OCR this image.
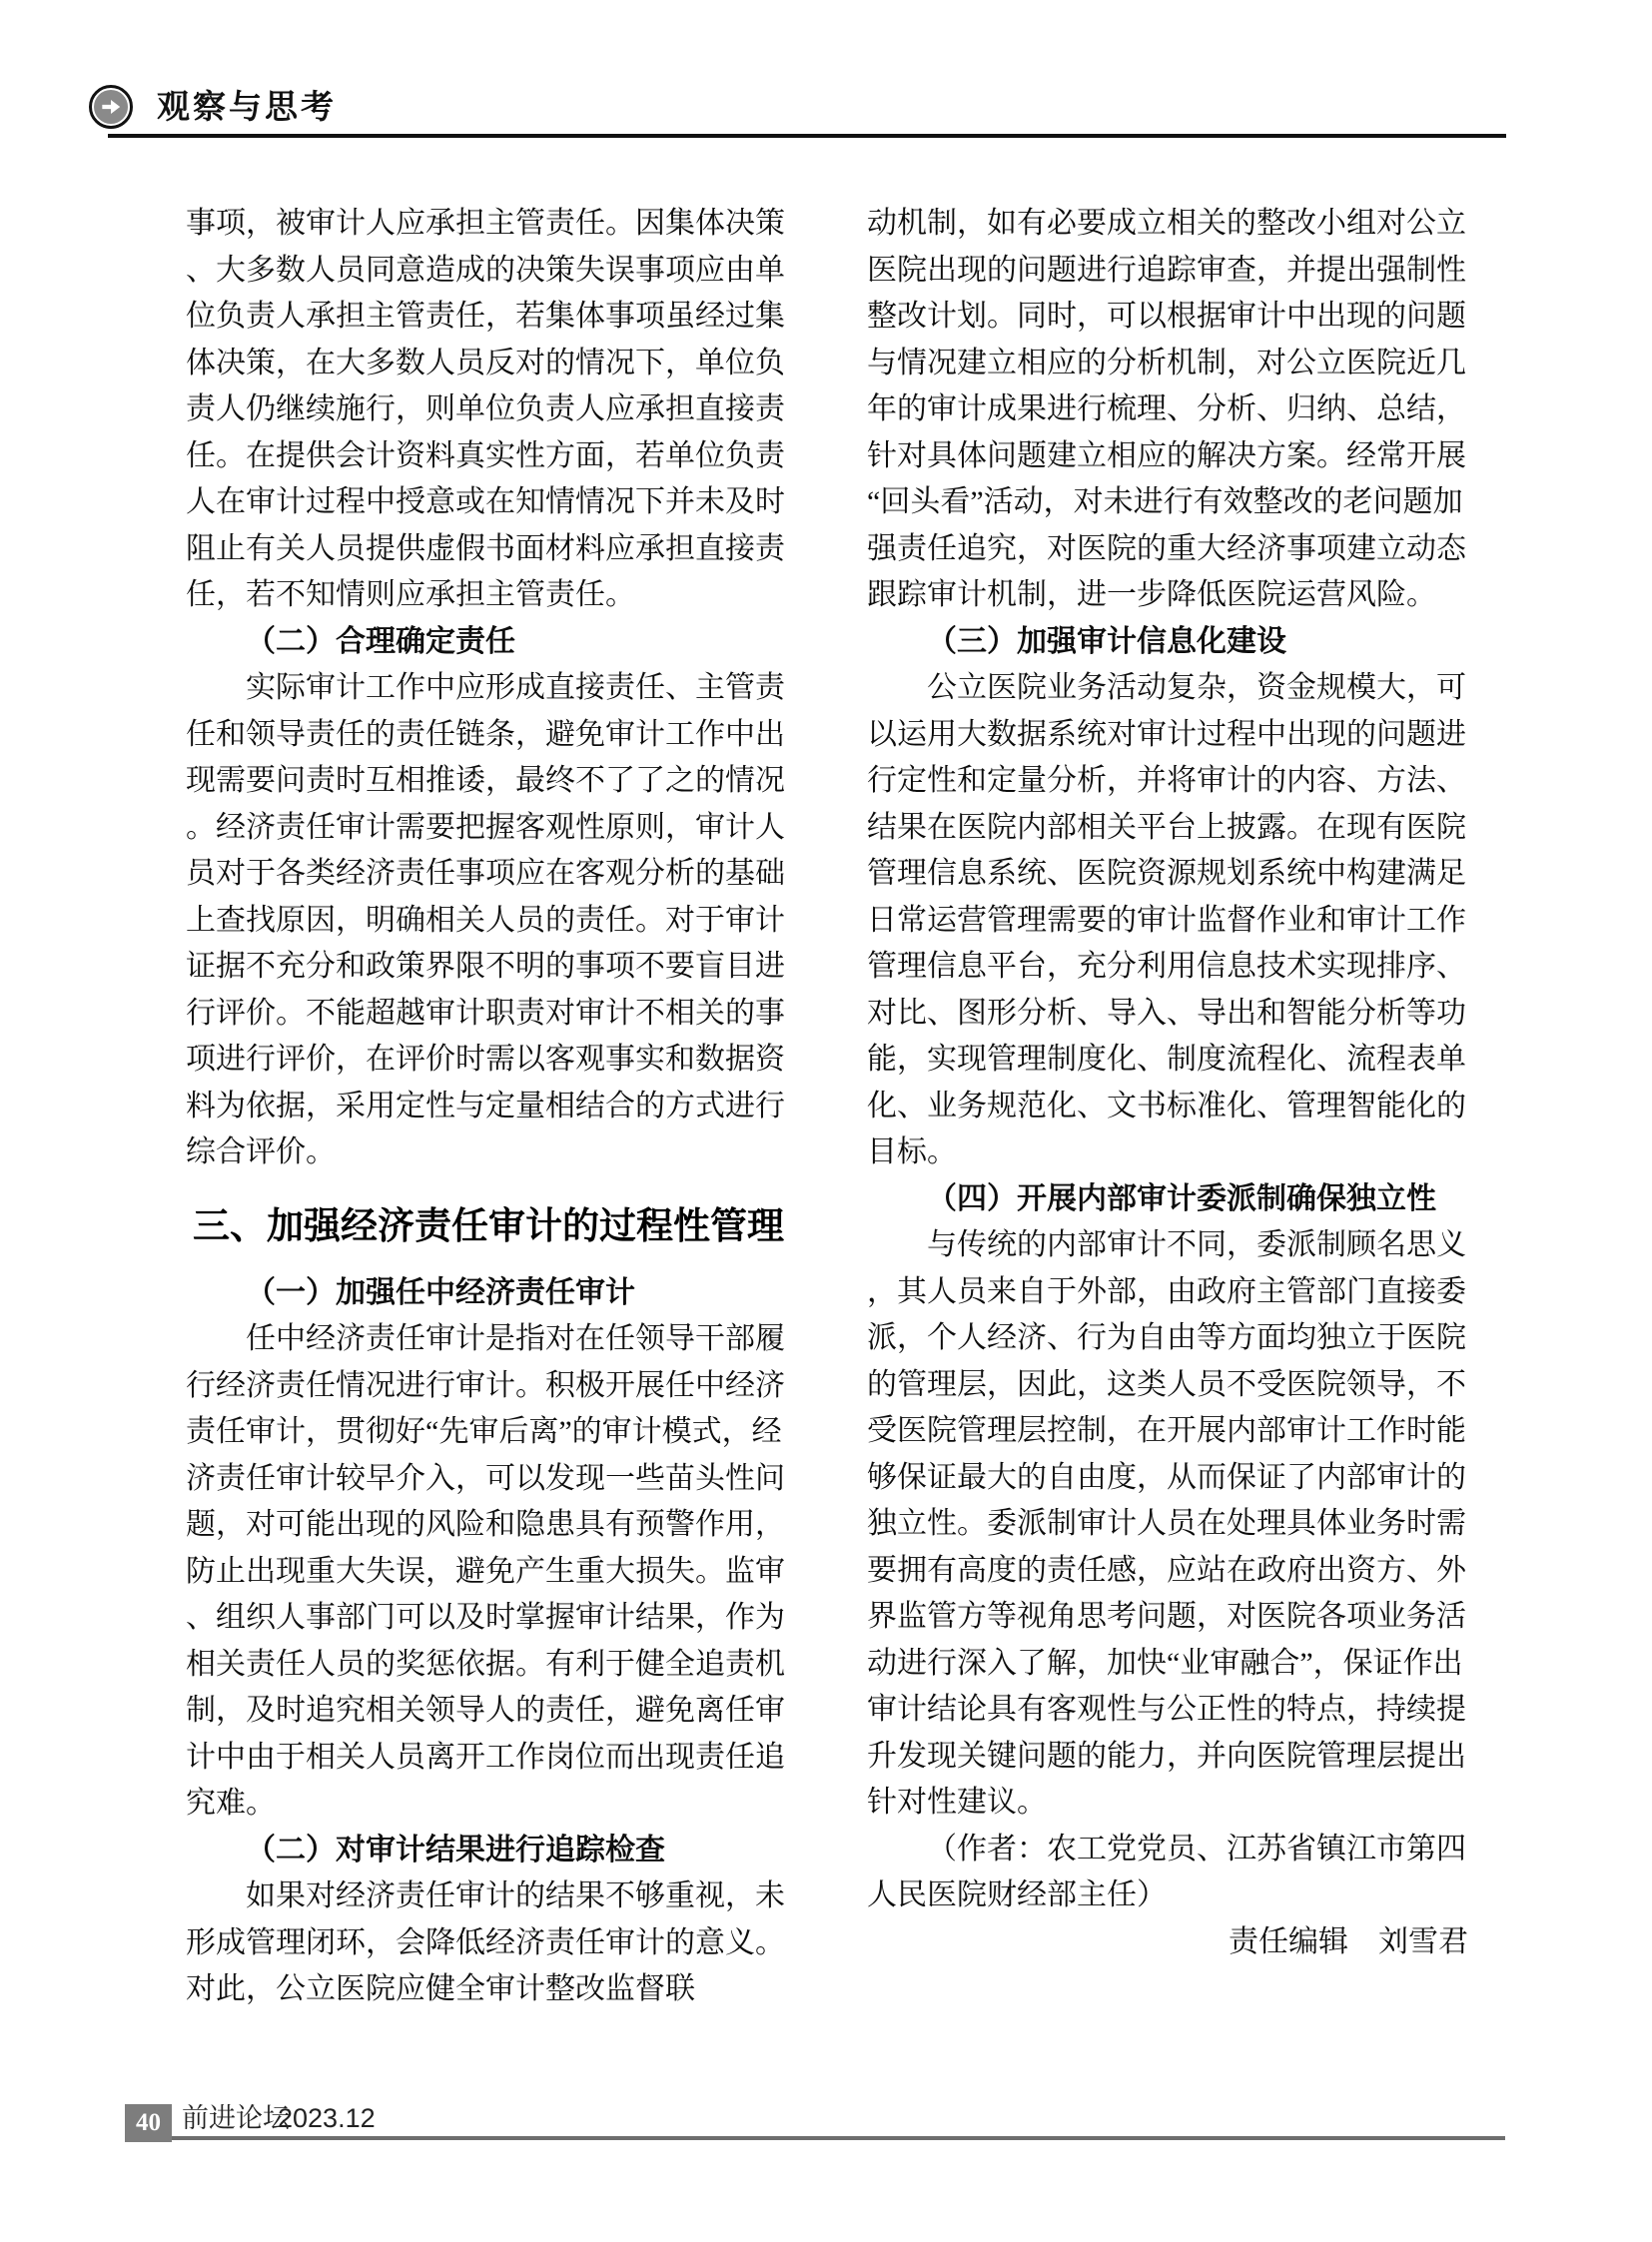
观察与思考
事项，被审计人应承担主管责任。因集体决策、大多数人员同意造成的决策失误事项应由单位负责人承担主管责任，若集体事项虽经过集体决策，在大多数人员反对的情况下，单位负责人仍继续施行，则单位负责人应承担直接责任。在提供会计资料真实性方面，若单位负责人在审计过程中授意或在知情情况下并未及时阻止有关人员提供虚假书面材料应承担直接责任，若不知情则应承担主管责任。
（二）合理确定责任
实际审计工作中应形成直接责任、主管责任和领导责任的责任链条，避免审计工作中出现需要问责时互相推诿，最终不了了之的情况。经济责任审计需要把握客观性原则，审计人员对于各类经济责任事项应在客观分析的基础上查找原因，明确相关人员的责任。对于审计证据不充分和政策界限不明的事项不要盲目进行评价。不能超越审计职责对审计不相关的事项进行评价，在评价时需以客观事实和数据资料为依据，采用定性与定量相结合的方式进行综合评价。
三、加强经济责任审计的过程性管理
（一）加强任中经济责任审计
任中经济责任审计是指对在任领导干部履行经济责任情况进行审计。积极开展任中经济责任审计，贯彻好“先审后离”的审计模式，经济责任审计较早介入，可以发现一些苗头性问题，对可能出现的风险和隐患具有预警作用，防止出现重大失误，避免产生重大损失。监审、组织人事部门可以及时掌握审计结果，作为相关责任人员的奖惩依据。有利于健全追责机制，及时追究相关领导人的责任，避免离任审计中由于相关人员离开工作岗位而出现责任追究难。
（二）对审计结果进行追踪检查
如果对经济责任审计的结果不够重视，未形成管理闭环，会降低经济责任审计的意义。对此，公立医院应健全审计整改监督联
动机制，如有必要成立相关的整改小组对公立医院出现的问题进行追踪审查，并提出强制性整改计划。同时，可以根据审计中出现的问题与情况建立相应的分析机制，对公立医院近几年的审计成果进行梳理、分析、归纳、总结，针对具体问题建立相应的解决方案。经常开展“回头看”活动，对未进行有效整改的老问题加强责任追究，对医院的重大经济事项建立动态跟踪审计机制，进一步降低医院运营风险。
（三）加强审计信息化建设
公立医院业务活动复杂，资金规模大，可以运用大数据系统对审计过程中出现的问题进行定性和定量分析，并将审计的内容、方法、结果在医院内部相关平台上披露。在现有医院管理信息系统、医院资源规划系统中构建满足日常运营管理需要的审计监督作业和审计工作管理信息平台，充分利用信息技术实现排序、对比、图形分析、导入、导出和智能分析等功能，实现管理制度化、制度流程化、流程表单化、业务规范化、文书标准化、管理智能化的目标。
（四）开展内部审计委派制确保独立性
与传统的内部审计不同，委派制顾名思义，其人员来自于外部，由政府主管部门直接委派，个人经济、行为自由等方面均独立于医院的管理层，因此，这类人员不受医院领导，不受医院管理层控制，在开展内部审计工作时能够保证最大的自由度，从而保证了内部审计的独立性。委派制审计人员在处理具体业务时需要拥有高度的责任感，应站在政府出资方、外界监管方等视角思考问题，对医院各项业务活动进行深入了解，加快“业审融合”，保证作出审计结论具有客观性与公正性的特点，持续提升发现关键问题的能力，并向医院管理层提出针对性建议。
（作者：农工党党员、江苏省镇江市第四人民医院财经部主任）
责任编辑　刘雪君
40 前进论坛
2023.12
